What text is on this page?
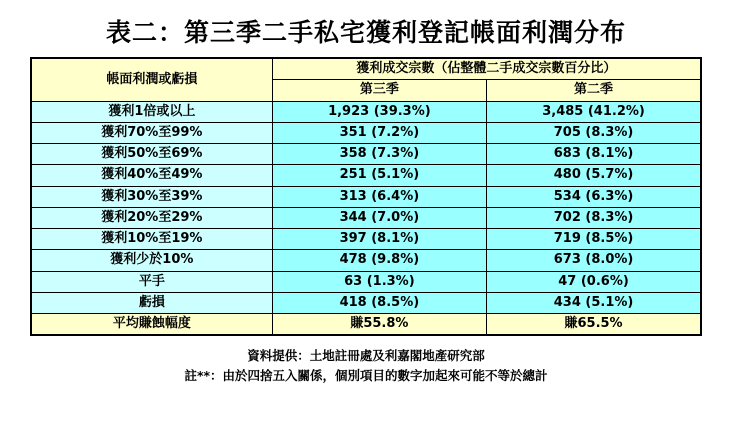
表二：第三季二手私宅獲利登記帳面利潤分布
帳面利潤或虧損	獲利成交宗數（佔整體二手成交宗數百分比）	
	第三季	第二季
獲利1倍或以上	1,923 (39.3%)	3,485 (41.2%)
獲利70%至99%	351 (7.2%)	705 (8.3%)
獲利50%至69%	358 (7.3%)	683 (8.1%)
獲利40%至49%	251 (5.1%)	480 (5.7%)
獲利30%至39%	313 (6.4%)	534 (6.3%)
獲利20%至29%	344 (7.0%)	702 (8.3%)
獲利10%至19%	397 (8.1%)	719 (8.5%)
獲利少於10%	478 (9.8%)	673 (8.0%)
平手	63 (1.3%)	47 (0.6%)
虧損	418 (8.5%)	434 (5.1%)
平均賺蝕幅度	賺55.8%	賺65.5%
資料提供：土地註冊處及利嘉閣地產研究部
註**：由於四捨五入關係，個別項目的數字加起來可能不等於總計
